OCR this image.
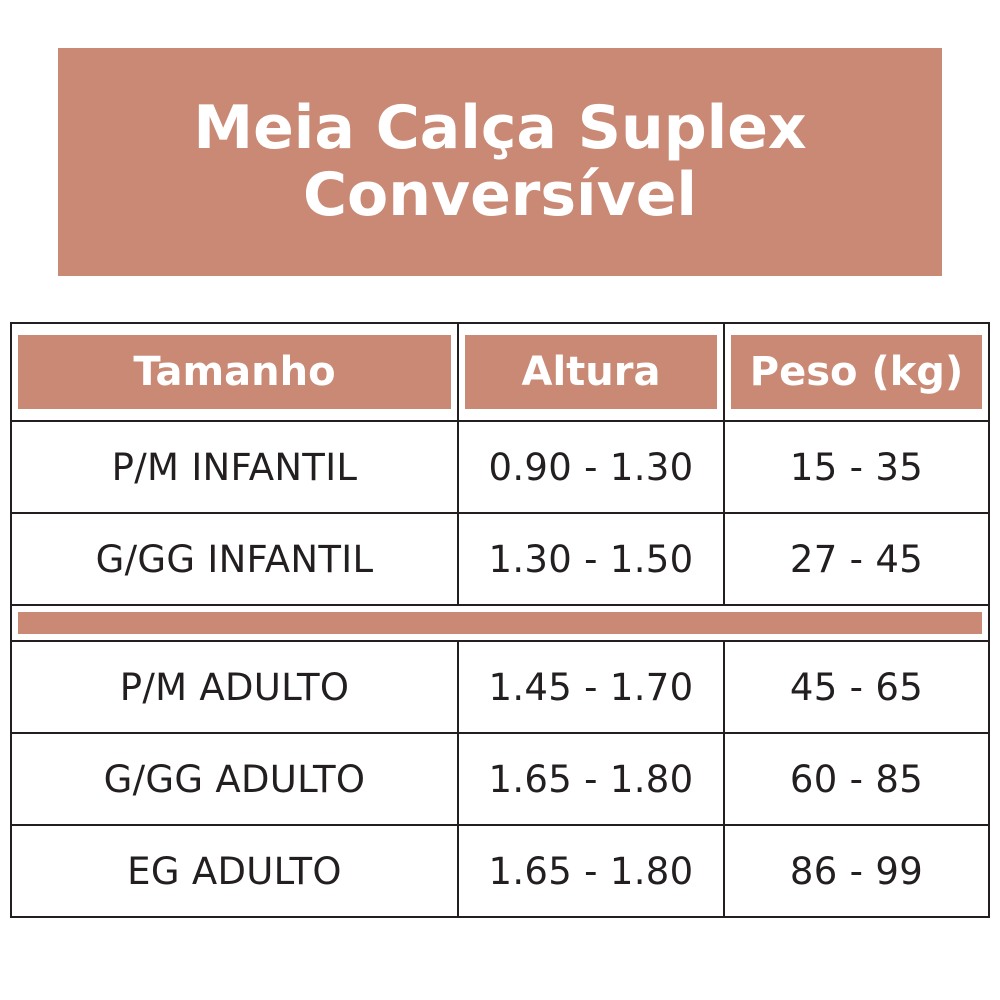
Meia Calça Suplex
Conversível
Tamanho	Altura	Peso (kg)

P/M INFANTIL	0.90 - 1.30	15 - 35
G/GG INFANTIL	1.30 - 1.50	27 - 45

P/M ADULTO	1.45 - 1.70	45 - 65
G/GG ADULTO	1.65 - 1.80	60 - 85
EG ADULTO	1.65 - 1.80	86 - 99
